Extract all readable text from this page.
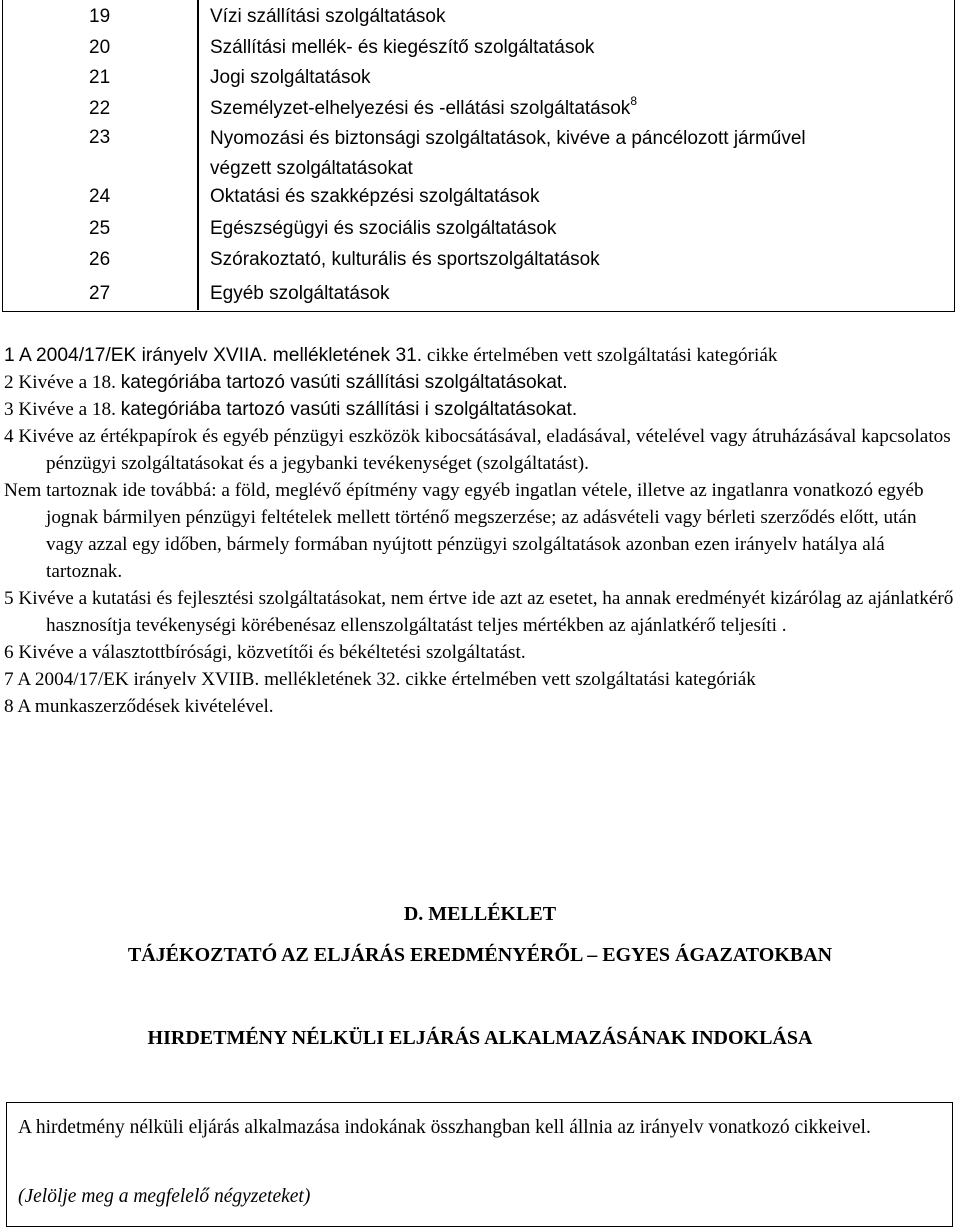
19	Vízi szállítási szolgáltatások
20	Szállítási mellék- és kiegészítő szolgáltatások
21	Jogi szolgáltatások
22	Személyzet-elhelyezési és -ellátási szolgáltatások$^8$
23	Nyomozási és biztonsági szolgáltatások, kivéve a páncélozott járművel végzett szolgáltatásokat
24	Oktatási és szakképzési szolgáltatások
25	Egészségügyi és szociális szolgáltatások
26	Szórakoztató, kulturális és sportszolgáltatások
27	Egyéb szolgáltatások

1 A 2004/17/EK irányelv XVIIA. mellékletének 31. cikke értelmében vett szolgáltatási kategóriák

2 Kivéve a 18. kategóriába tartozó vasúti szállítási szolgáltatásokat.

3 Kivéve a 18. kategóriába tartozó vasúti szállítási i szolgáltatásokat.

4 Kivéve az értékpapírok és egyéb pénzügyi eszközök kibocsátásával, eladásával, vételével vagy átruházásával kapcsolatos pénzügyi szolgáltatásokat és a jegybanki tevékenységet (szolgáltatást).

Nem tartoznak ide továbbá: a föld, meglévő építmény vagy egyéb ingatlan vétele, illetve az ingatlanra vonatkozó egyéb jognak bármilyen pénzügyi feltételek mellett történő megszerzése; az adásvételi vagy bérleti szerződés előtt, után vagy azzal egy időben, bármely formában nyújtott pénzügyi szolgáltatások azonban ezen irányelv hatálya alá tartoznak.

5 Kivéve a kutatási és fejlesztési szolgáltatásokat, nem értve ide azt az esetet, ha annak eredményét kizárólag az ajánlatkérő hasznosítja tevékenységi körébenésaz ellenszolgáltatást teljes mértékben az ajánlatkérő teljesíti .

6 Kivéve a választottbírósági, közvetítői és békéltetési szolgáltatást.

7 A 2004/17/EK irányelv XVIIB. mellékletének 32. cikke értelmében vett szolgáltatási kategóriák

8 A munkaszerződések kivételével.

D. MELLÉKLET
TÁJÉKOZTATÓ AZ ELJÁRÁS EREDMÉNYÉRŐL – EGYES ÁGAZATOKBAN
HIRDETMÉNY NÉLKÜLI ELJÁRÁS ALKALMAZÁSÁNAK INDOKLÁSA
A hirdetmény nélküli eljárás alkalmazása indokának összhangban kell állnia az irányelv vonatkozó cikkeivel.
(Jelölje meg a megfelelő négyzeteket)
